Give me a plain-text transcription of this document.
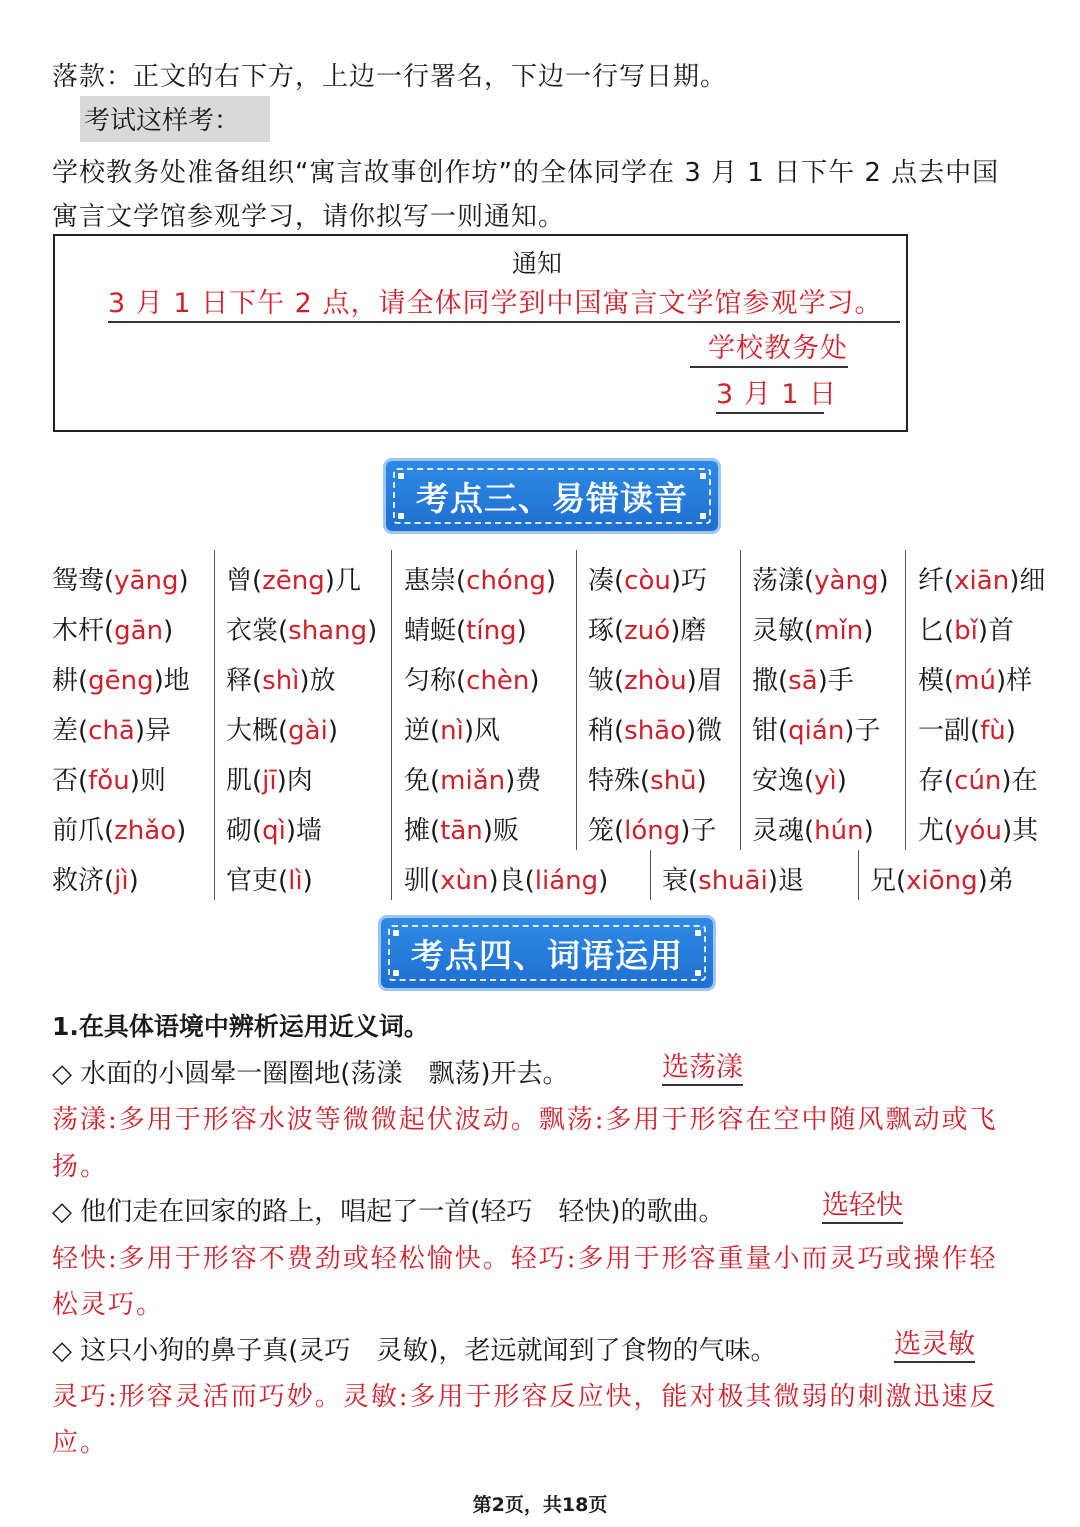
落款：正文的右下方，上边一行署名，下边一行写日期。
考试这样考：
学校教务处准备组织“寓言故事创作坊”的全体同学在 3 月 1 日下午 2 点去中国
寓言文学馆参观学习，请你拟写一则通知。
通知
3 月 1 日下午 2 点，请全体同学到中国寓言文学馆参观学习。
学校教务处
3 月 1 日
考点三、易错读音
鸳鸯(yāng) 曾(zēng)几 惠崇(chóng) 凑(còu)巧 荡漾(yàng) 纤(xiān)细
木杆(gān) 衣裳(shang) 蜻蜓(tíng) 琢(zuó)磨 灵敏(mǐn) 匕(bǐ)首
耕(gēng)地 释(shì)放	匀称(chèn) 皱(zhòu)眉 撒(sā)手 模(mú)样
差(chā)异 大概(gài)	逆(nì)风	稍(shāo)微 钳(qián)子 一副(fù)
否(fǒu)则 肌(jī)肉	免(miǎn)费 特殊(shū) 安逸(yì)	存(cún)在
前爪(zhǎo) 砌(qì)墙	摊(tān)贩	笼(lóng)子 灵魂(hún) 尤(yóu)其
救济(jì)	官吏(lì)	驯(xùn)良(liáng) 衰(shuāi)退	兄(xiōng)弟
考点四、词语运用
1.在具体语境中辨析运用近义词。
◇ 水面的小圆晕一圈圈地(荡漾　飘荡)开去。	选荡漾
荡漾:多用于形容水波等微微起伏波动。飘荡:多用于形容在空中随风飘动或飞
扬。
◇ 他们走在回家的路上，唱起了一首(轻巧　轻快)的歌曲。	选轻快
轻快:多用于形容不费劲或轻松愉快。轻巧:多用于形容重量小而灵巧或操作轻
松灵巧。
◇ 这只小狗的鼻子真(灵巧　灵敏)，老远就闻到了食物的气味。	选灵敏
灵巧:形容灵活而巧妙。灵敏:多用于形容反应快，能对极其微弱的刺激迅速反
应。
第2页，共18页
